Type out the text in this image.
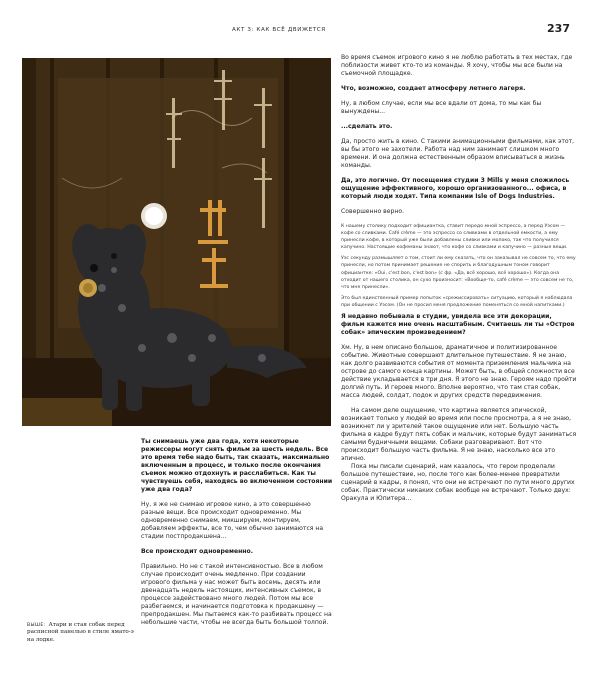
АКТ 3: КАК ВСЁ ДВИЖЕТСЯ	237
ВЫШЕ: Атари и стая собак перед расписной панелью в стиле ямато-э на лодке.

Во время съемок игрового кино я не люблю работать в тех местах, где поблизости живет кто-то из команды. Я хочу, чтобы мы все были на съемочной площадке.

Что, возможно, создает атмосферу летнего лагеря.

Ну, в любом случае, если мы все вдали от дома, то мы как бы вынуждены...

...сделать это.

Да, просто жить в кино. С такими анимационными фильмами, как этот, вы бы этого не захотели. Работа над ним занимает слишком много времени. И она должна естественным образом вписываться в жизнь команды.

Да, это логично. От посещения студии 3 Mills у меня сложилось ощущение эффективного, хорошо организованного... офиса, в который люди ходят. Типа компании Isle of Dogs Industries.

Совершенно верно.

К нашему столику подходит официантка, ставит передо мной эспрессо, а перед Уэсом — кофе со сливками. Café crème — это эспрессо со сливками в отдельной емкости, а ему принесли кофе, в который уже были добавлены сливки или молоко, так что получился капучино. Настоящие кофеманы знают, что кофе со сливками и капучино — разные вещи.

Уэс секунду размышляет о том, стоит ли ему сказать, что он заказывал не совсем то, что ему принесли, но потом принимает решение не спорить и благодушным тоном говорит официантке: «Oui, c'est bon, c'est bon» (с фр. «Да, всё хорошо, всё хорошо»). Когда она отходит от нашего столика, он сухо произносит: «Вообще-то, café crème — это совсем не то, что мне принесли».

Это был единственный пример попыток «срежиссировать» ситуацию, который я наблюдала при общении с Уэсом. (Он не просил меня предложение поменяться со мной напитками.)

Я недавно побывала в студии, увидела все эти декорации, фильм кажется мне очень масштабным. Считаешь ли ты «Остров собак» эпическим произведением?

Хм. Ну, в нем описано большое, драматичное и политизированное событие. Животные совершают длительное путешествие. Я не знаю, как долго развиваются события от момента приземления мальчика на острове до самого конца картины. Может быть, в общей сложности все действие укладывается в три дня. Я этого не знаю. Героям надо пройти долгий путь. И героев много. Вполне вероятно, что там стая собак, масса людей, солдат, подок и других средств передвижения.

На самом деле ощущение, что картина является эпической, возникает только у людей во время или после просмотра, а я не знаю, возникнет ли у зрителей такое ощущение или нет. Большую часть фильма в кадре будут пять собак и мальчик, которые будут заниматься самыми будничными вещами. Собаки разговаривают. Вот что происходит большую часть фильма. Я не знаю, насколько все это эпично.

Пока мы писали сценарий, нам казалось, что герои проделали большое путешествие, но, после того как более-менее превратили сценарий в кадры, я понял, что они не встречают по пути много других собак. Практически никаких собак вообще не встречают. Только двух: Оракула и Юпитера...

Ты снимаешь уже два года, хотя некоторые режиссеры могут снять фильм за шесть недель. Все это время тебе надо быть, так сказать, максимально включенным в процесс, и только после окончания съемок можно отдохнуть и расслабиться. Как ты чувствуешь себя, находясь во включенном состоянии уже два года?

Ну, я же не снимаю игровое кино, а это совершенно разные вещи. Все происходит одновременно. Мы одновременно снимаем, микшируем, монтируем, добавляем эффекты, все то, чем обычно занимаются на стадии постпродакшена...

Все происходит одновременно.

Правильно. Но не с такой интенсивностью. Все в любом случае происходит очень медленно. При создании игрового фильма у нас может быть восемь, десять или двенадцать недель настоящих, интенсивных съемок, в процессе задействовано много людей. Потом мы все разбегаемся, и начинается подготовка к продакшену — препродакшен. Мы пытаемся как-то разбивать процесс на небольшие части, чтобы не всегда быть большой толпой.
